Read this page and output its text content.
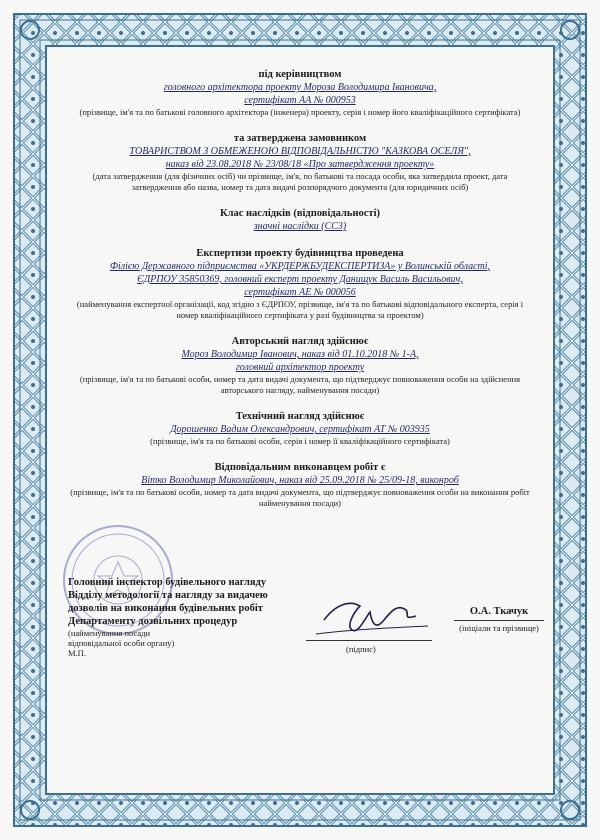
під керівництвом
головного архітектора проекту Мороза Володимира Івановича,
сертифікат АА № 000953
(прізвище, ім'я та по батькові головного архітектора (інженера) проекту, серія і номер його кваліфікаційного сертифіката)
та затверджена замовником
ТОВАРИСТВОМ З ОБМЕЖЕНОЮ ВІДПОВІДАЛЬНІСТЮ "КАЗКОВА ОСЕЛЯ",
наказ від 23.08.2018 № 23/08/18 «Про затвердження проекту»
(дата затвердження (для фізичних осіб) чи прізвище, ім'я, по батькові та посада особи, яка затвердила проект, дата затвердження або назва, номер та дата видачі розпорядчого документа (для юридичних осіб)
Клас наслідків (відповідальності)
значні наслідки (СС3)
Експертизи проекту будівництва проведена
Філією Державного підприємства «УКРДЕРЖБУДЕКСПЕРТИЗА» у Волинській області,
ЄДРПОУ 35850369, головний експерт проекту Данищук Василь Васильович,
сертифікат АЕ № 000056
(найменування експертної організації, код згідно з ЄДРПОУ, прізвище, ім'я та по батькові відповідального експерта, серія і номер кваліфікаційного сертифіката у разі будівництва за проектом)
Авторський нагляд здійснює
Мороз Володимир Іванович, наказ від 01.10.2018 № 1-А,
головний архітектор проекту
(прізвище, ім'я та по батькові особи, номер та дата видачі документа, що підтверджує повноваження особи на здійснення авторського нагляду, найменування посади)
Технічний нагляд здійснює
Дорошенко Вадим Олександрович, сертифікат АТ № 003935
(прізвище, ім'я та по батькові особи, серія і номер її кваліфікаційного сертифіката)
Відповідальним виконавцем робіт є
Вітко Володимир Миколайович, наказ від 25.09.2018 № 25/09-18, виконроб
(прізвище, ім'я та по батькові особи, номер та дата видачі документа, що підтверджує повноваження особи на виконання робіт найменування посади)
Головний інспектор будівельного нагляду
Відділу методології та нагляду за видачею
дозволів на виконання будівельних робіт
Департаменту дозвільних процедур
(найменування посади
відповідальної особи органу)
М.П.	(підпис)
О.А. Ткачук
(ініціали та прізвище)
